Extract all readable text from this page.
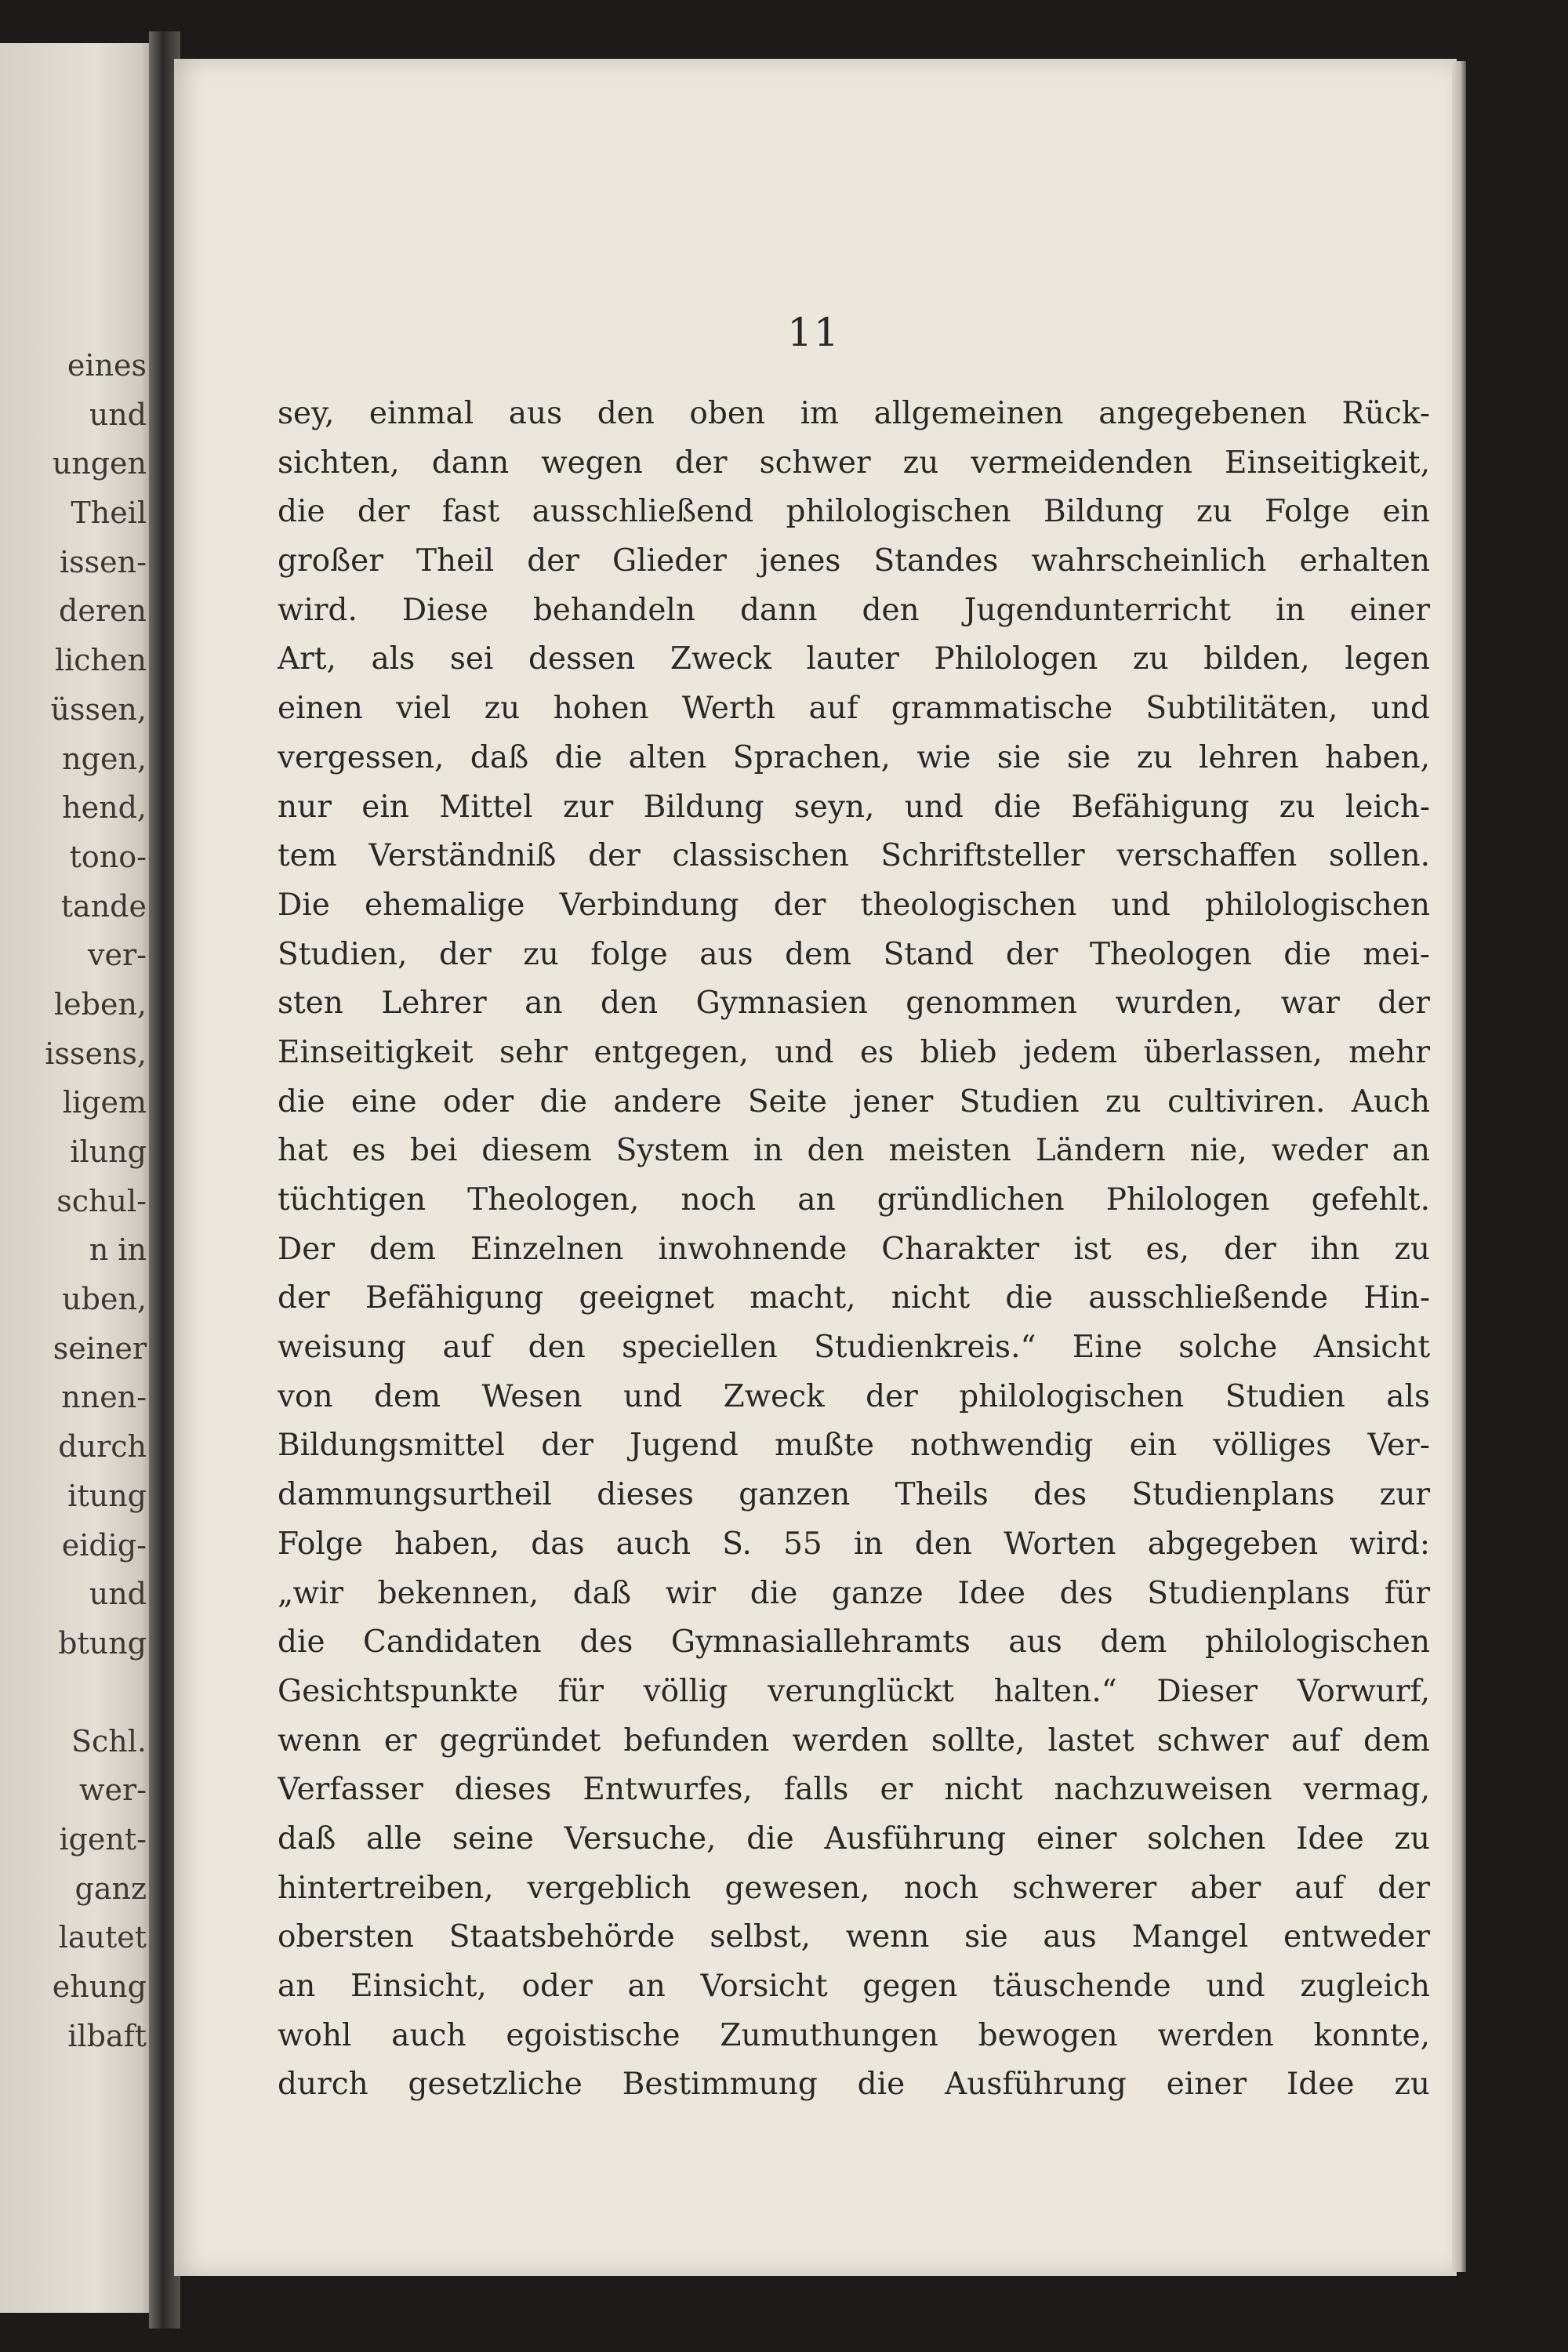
eines
und
ungen
Theil
issen-
deren
lichen
üssen,
ngen,
hend,
tono-
tande
ver-
leben,
issens,
ligem
ilung
schul-
n in
uben,
seiner
nnen-
durch
itung
eidig-
und
btung
Schl.
wer-
igent-
ganz
lautet
ehung
ilbaft
11
sey, einmal aus den oben im allgemeinen angegebenen Rück-
sichten, dann wegen der schwer zu vermeidenden Einseitigkeit,
die der fast ausschließend philologischen Bildung zu Folge ein
großer Theil der Glieder jenes Standes wahrscheinlich erhalten
wird. Diese behandeln dann den Jugendunterricht in einer
Art, als sei dessen Zweck lauter Philologen zu bilden, legen
einen viel zu hohen Werth auf grammatische Subtilitäten, und
vergessen, daß die alten Sprachen, wie sie sie zu lehren haben,
nur ein Mittel zur Bildung seyn, und die Befähigung zu leich-
tem Verständniß der classischen Schriftsteller verschaffen sollen.
Die ehemalige Verbindung der theologischen und philologischen
Studien, der zu folge aus dem Stand der Theologen die mei-
sten Lehrer an den Gymnasien genommen wurden, war der
Einseitigkeit sehr entgegen, und es blieb jedem überlassen, mehr
die eine oder die andere Seite jener Studien zu cultiviren. Auch
hat es bei diesem System in den meisten Ländern nie, weder an
tüchtigen Theologen, noch an gründlichen Philologen gefehlt.
Der dem Einzelnen inwohnende Charakter ist es, der ihn zu
der Befähigung geeignet macht, nicht die ausschließende Hin-
weisung auf den speciellen Studienkreis.“ Eine solche Ansicht
von dem Wesen und Zweck der philologischen Studien als
Bildungsmittel der Jugend mußte nothwendig ein völliges Ver-
dammungsurtheil dieses ganzen Theils des Studienplans zur
Folge haben, das auch S. 55 in den Worten abgegeben wird:
„wir bekennen, daß wir die ganze Idee des Studienplans für
die Candidaten des Gymnasiallehramts aus dem philologischen
Gesichtspunkte für völlig verunglückt halten.“ Dieser Vorwurf,
wenn er gegründet befunden werden sollte, lastet schwer auf dem
Verfasser dieses Entwurfes, falls er nicht nachzuweisen vermag,
daß alle seine Versuche, die Ausführung einer solchen Idee zu
hintertreiben, vergeblich gewesen, noch schwerer aber auf der
obersten Staatsbehörde selbst, wenn sie aus Mangel entweder
an Einsicht, oder an Vorsicht gegen täuschende und zugleich
wohl auch egoistische Zumuthungen bewogen werden konnte,
durch gesetzliche Bestimmung die Ausführung einer Idee zu
